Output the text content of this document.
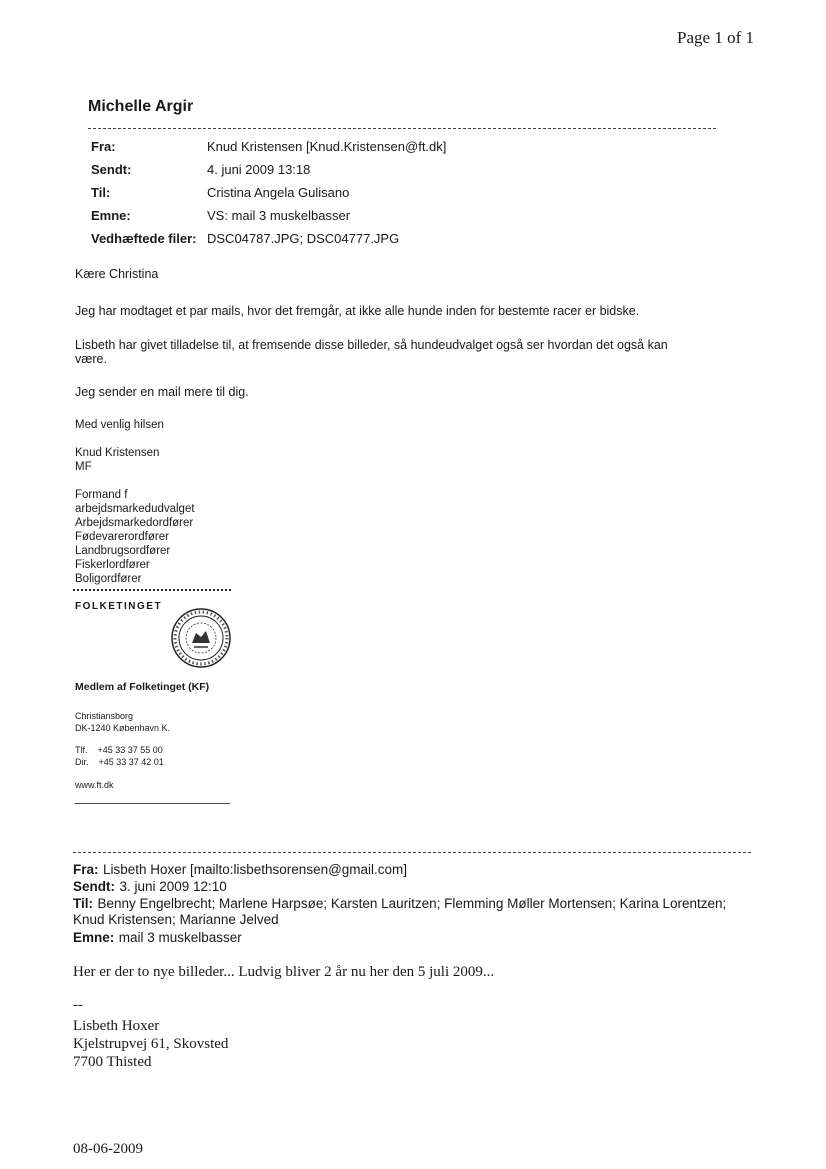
Page 1 of 1
Michelle Argir
Fra:	Knud Kristensen [Knud.Kristensen@ft.dk]
Sendt:	4. juni 2009 13:18
Til:	Cristina Angela Gulisano
Emne:	VS: mail 3 muskelbasser
Vedhæftede filer: DSC04787.JPG; DSC04777.JPG
Kære Christina
Jeg har modtaget et par mails, hvor det fremgår, at ikke alle hunde inden for bestemte racer er bidske.
Lisbeth har givet tilladelse til, at fremsende disse billeder, så hundeudvalget også ser hvordan det også kan
være.
Jeg sender en mail mere til dig.
Med venlig hilsen
Knud Kristensen
MF
Formand f
arbejdsmarkedudvalget
Arbejdsmarkedordfører
Fødevarerordfører
Landbrugsordfører
Fiskerlordfører
Boligordfører
FOLKETINGET
Medlem af Folketinget (KF)
Christiansborg
DK-1240 København K.
Tlf.    +45 33 37 55 00
Dir.    +45 33 37 42 01
www.ft.dk
Fra: Lisbeth Hoxer [mailto:lisbethsorensen@gmail.com]
Sendt: 3. juni 2009 12:10
Til: Benny Engelbrecht; Marlene Harpsøe; Karsten Lauritzen; Flemming Møller Mortensen; Karina Lorentzen;
Knud Kristensen; Marianne Jelved
Emne: mail 3 muskelbasser
Her er der to nye billeder... Ludvig bliver 2 år nu her den 5 juli 2009...
--
Lisbeth Hoxer
Kjelstrupvej 61, Skovsted
7700 Thisted
08-06-2009
